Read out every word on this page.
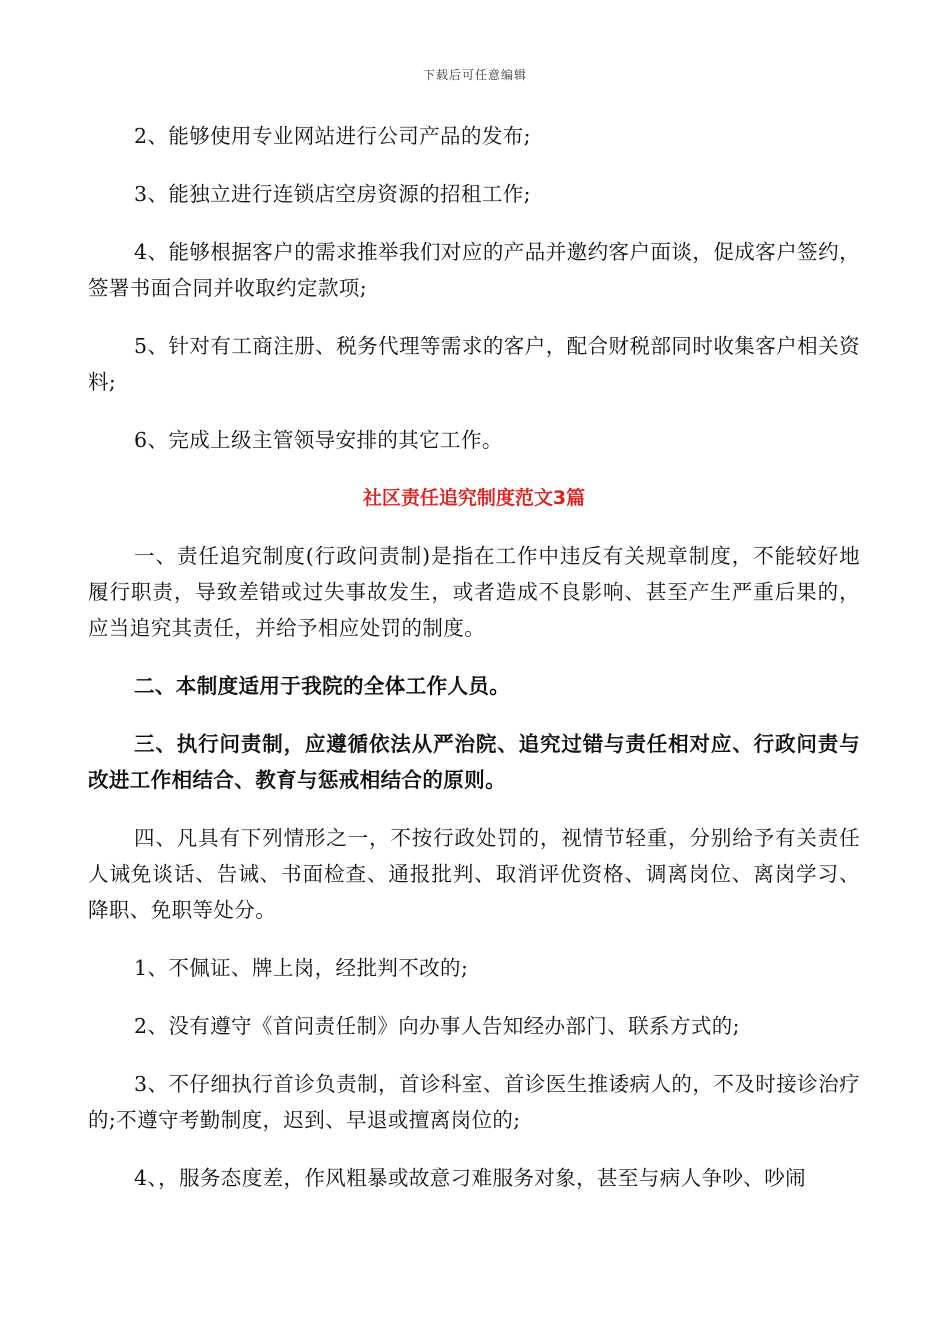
下载后可任意编辑

2、能够使用专业网站进行公司产品的发布;

3、能独立进行连锁店空房资源的招租工作;

4、能够根据客户的需求推举我们对应的产品并邀约客户面谈，促成客户签约，签署书面合同并收取约定款项;

5、针对有工商注册、税务代理等需求的客户，配合财税部同时收集客户相关资料;

6、完成上级主管领导安排的其它工作。

社区责任追究制度范文3篇

一、责任追究制度(行政问责制)是指在工作中违反有关规章制度，不能较好地履行职责，导致差错或过失事故发生，或者造成不良影响、甚至产生严重后果的，应当追究其责任，并给予相应处罚的制度。

二、本制度适用于我院的全体工作人员。

三、执行问责制，应遵循依法从严治院、追究过错与责任相对应、行政问责与改进工作相结合、教育与惩戒相结合的原则。

四、凡具有下列情形之一，不按行政处罚的，视情节轻重，分别给予有关责任人诫免谈话、告诫、书面检查、通报批判、取消评优资格、调离岗位、离岗学习、降职、免职等处分。

1、不佩证、牌上岗，经批判不改的;

2、没有遵守《首问责任制》向办事人告知经办部门、联系方式的;

3、不仔细执行首诊负责制，首诊科室、首诊医生推诿病人的，不及时接诊治疗的;不遵守考勤制度，迟到、早退或擅离岗位的;

4、，服务态度差，作风粗暴或故意刁难服务对象，甚至与病人争吵、吵闹
